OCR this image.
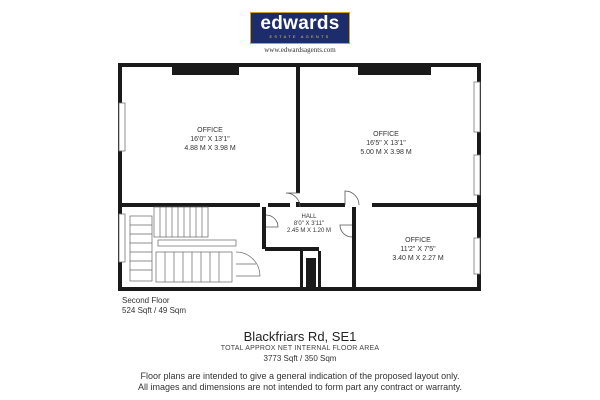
edwards
ESTATE AGENTS
www.edwardsagents.com
OFFICE
16'0" X 13'1"
4.88 M X 3.98 M
OFFICE
16'5" X 13'1"
5.00 M X 3.98 M
HALL
8'0" X 3'11"
2.45 M X 1.20 M
OFFICE
11'2" X 7'5"
3.40 M X 2.27 M
Second Floor
524 Sqft / 49 Sqm
Blackfriars Rd, SE1
TOTAL APPROX NET INTERNAL FLOOR AREA
3773 Sqft / 350 Sqm
Floor plans are intended to give a general indication of the proposed layout only.
All images and dimensions are not intended to form part any contract or warranty.
